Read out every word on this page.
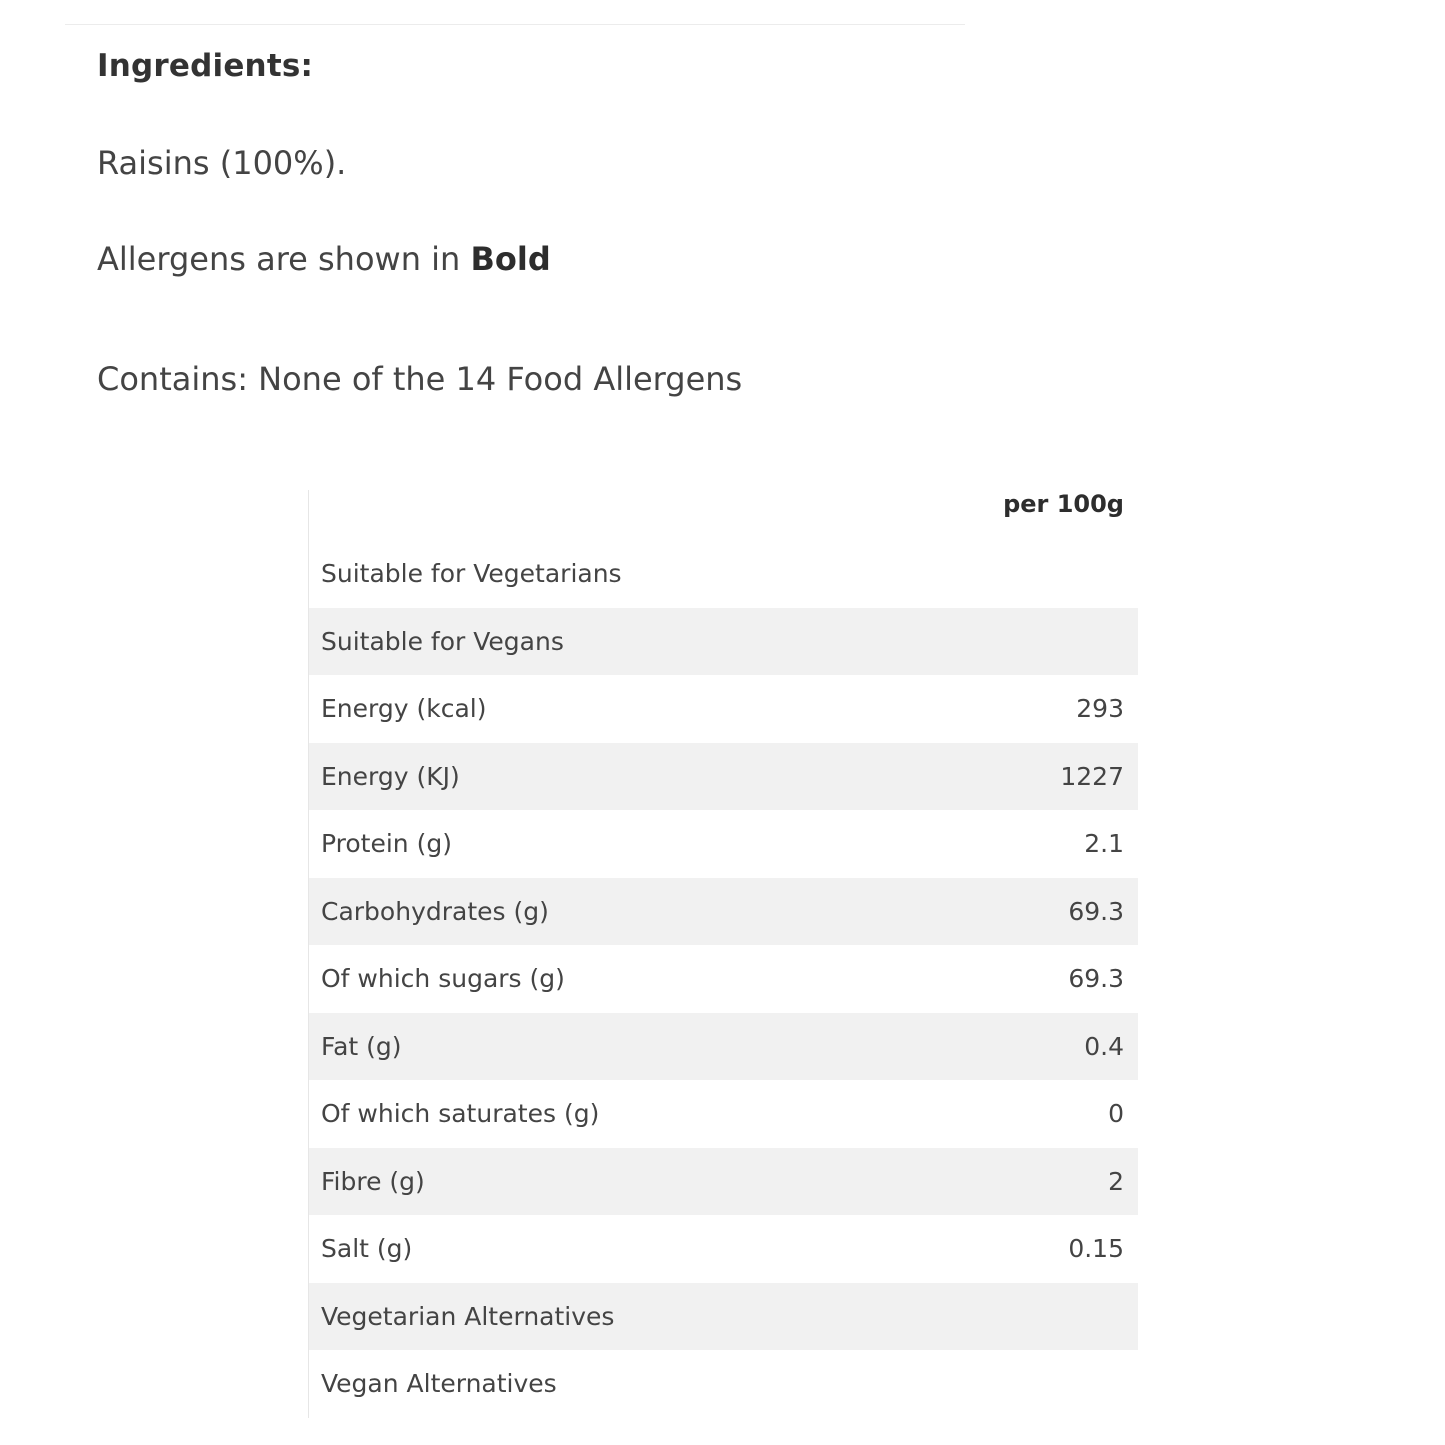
Ingredients:
Raisins (100%).
Allergens are shown in Bold
Contains: None of the 14 Food Allergens
per 100g
Suitable for Vegetarians
Suitable for Vegans
Energy (kcal)	293
Energy (KJ)	1227
Protein (g)	2.1
Carbohydrates (g)	69.3
Of which sugars (g)	69.3
Fat (g)	0.4
Of which saturates (g)	0
Fibre (g)	2
Salt (g)	0.15
Vegetarian Alternatives
Vegan Alternatives
